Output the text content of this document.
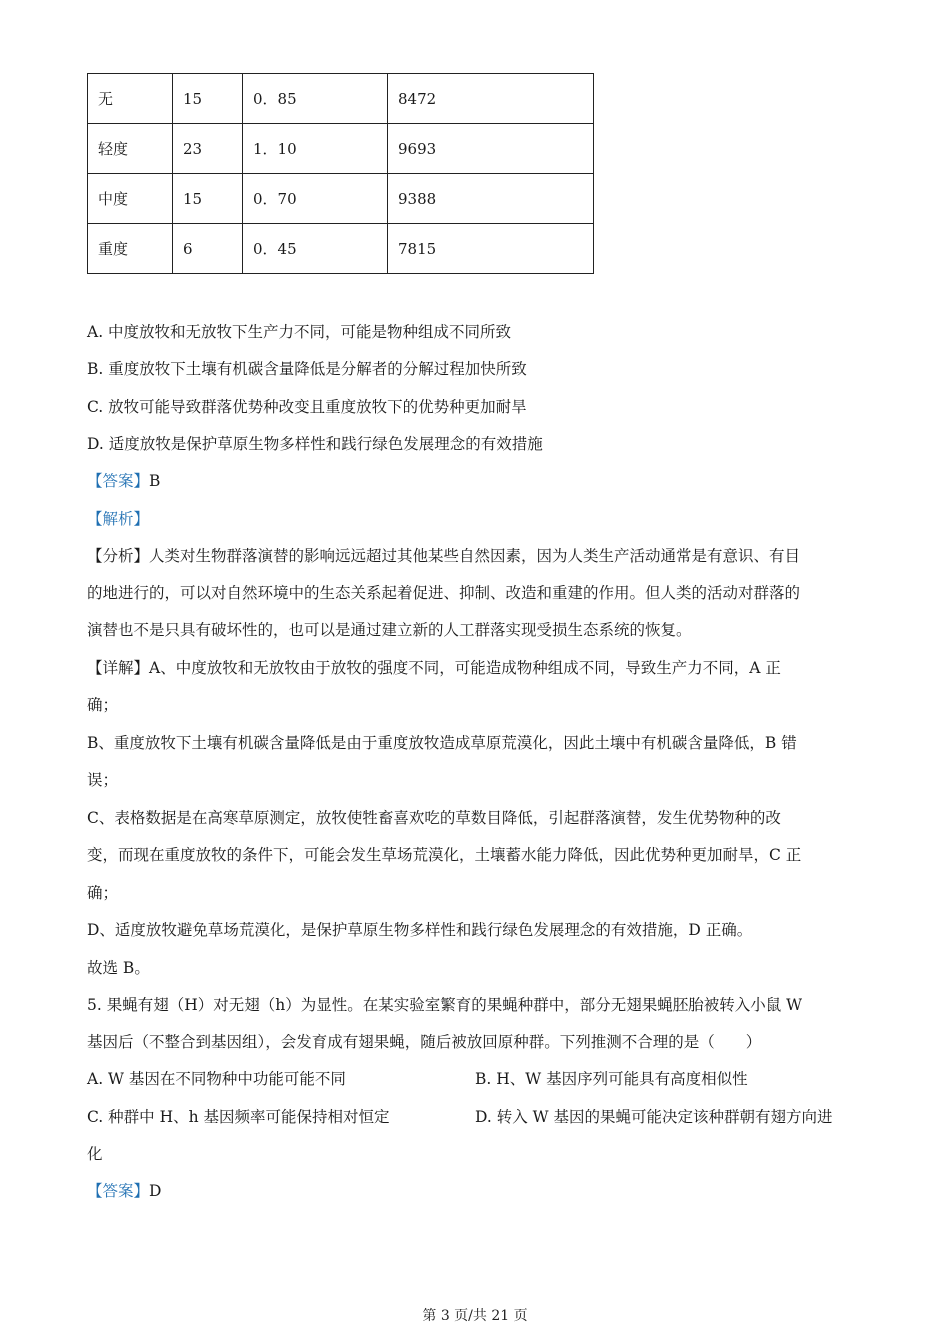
无	15	0．85	8472
轻度	23	1．10	9693
中度	15	0．70	9388
重度	6	0．45	7815
A. 中度放牧和无放牧下生产力不同，可能是物种组成不同所致
B. 重度放牧下土壤有机碳含量降低是分解者的分解过程加快所致
C. 放牧可能导致群落优势种改变且重度放牧下的优势种更加耐旱
D. 适度放牧是保护草原生物多样性和践行绿色发展理念的有效措施
【答案】B
【解析】
【分析】人类对生物群落演替的影响远远超过其他某些自然因素，因为人类生产活动通常是有意识、有目
的地进行的，可以对自然环境中的生态关系起着促进、抑制、改造和重建的作用。但人类的活动对群落的
演替也不是只具有破坏性的，也可以是通过建立新的人工群落实现受损生态系统的恢复。
【详解】A、中度放牧和无放牧由于放牧的强度不同，可能造成物种组成不同，导致生产力不同，A 正
确；
B、重度放牧下土壤有机碳含量降低是由于重度放牧造成草原荒漠化，因此土壤中有机碳含量降低，B 错
误；
C、表格数据是在高寒草原测定，放牧使牲畜喜欢吃的草数目降低，引起群落演替，发生优势物种的改
变，而现在重度放牧的条件下，可能会发生草场荒漠化，土壤蓄水能力降低，因此优势种更加耐旱，C 正
确；
D、适度放牧避免草场荒漠化，是保护草原生物多样性和践行绿色发展理念的有效措施，D 正确。
故选 B。
5. 果蝇有翅（H）对无翅（h）为显性。在某实验室繁育的果蝇种群中，部分无翅果蝇胚胎被转入小鼠 W
基因后（不整合到基因组），会发育成有翅果蝇，随后被放回原种群。下列推测不合理的是（　　）
A. W 基因在不同物种中功能可能不同	B. H、W 基因序列可能具有高度相似性
C. 种群中 H、h 基因频率可能保持相对恒定	D. 转入 W 基因的果蝇可能决定该种群朝有翅方向进
化
【答案】D
第 3 页/共 21 页
